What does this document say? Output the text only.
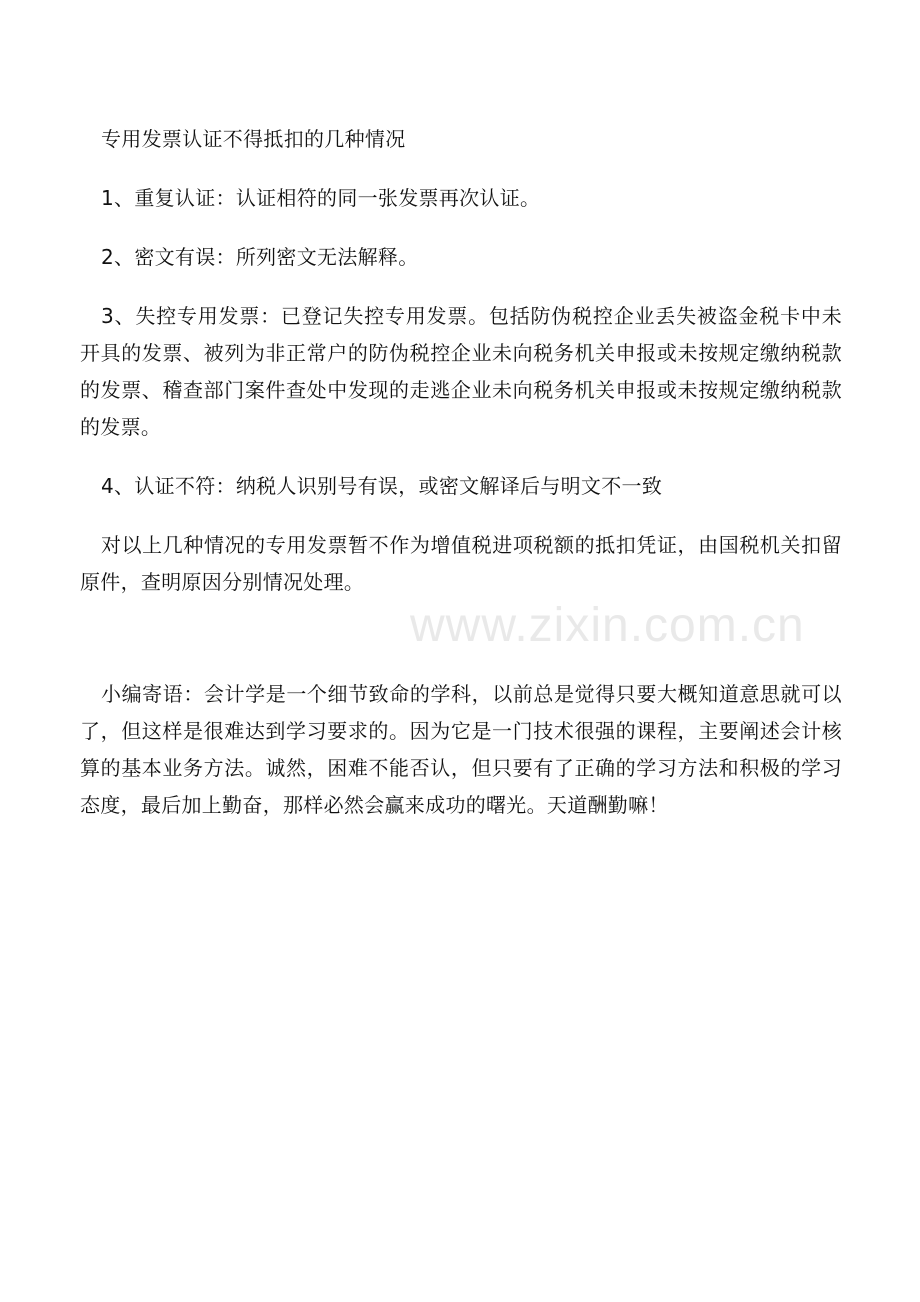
www.zixin.com.cn

专用发票认证不得抵扣的几种情况

1、重复认证：认证相符的同一张发票再次认证。

2、密文有误：所列密文无法解释。

3、失控专用发票：已登记失控专用发票。包括防伪税控企业丢失被盗金税卡中未开具的发票、被列为非正常户的防伪税控企业未向税务机关申报或未按规定缴纳税款的发票、稽查部门案件查处中发现的走逃企业未向税务机关申报或未按规定缴纳税款的发票。

4、认证不符：纳税人识别号有误，或密文解译后与明文不一致

对以上几种情况的专用发票暂不作为增值税进项税额的抵扣凭证，由国税机关扣留原件，查明原因分别情况处理。

小编寄语：会计学是一个细节致命的学科，以前总是觉得只要大概知道意思就可以了，但这样是很难达到学习要求的。因为它是一门技术很强的课程，主要阐述会计核算的基本业务方法。诚然，困难不能否认，但只要有了正确的学习方法和积极的学习态度，最后加上勤奋，那样必然会赢来成功的曙光。天道酬勤嘛！
